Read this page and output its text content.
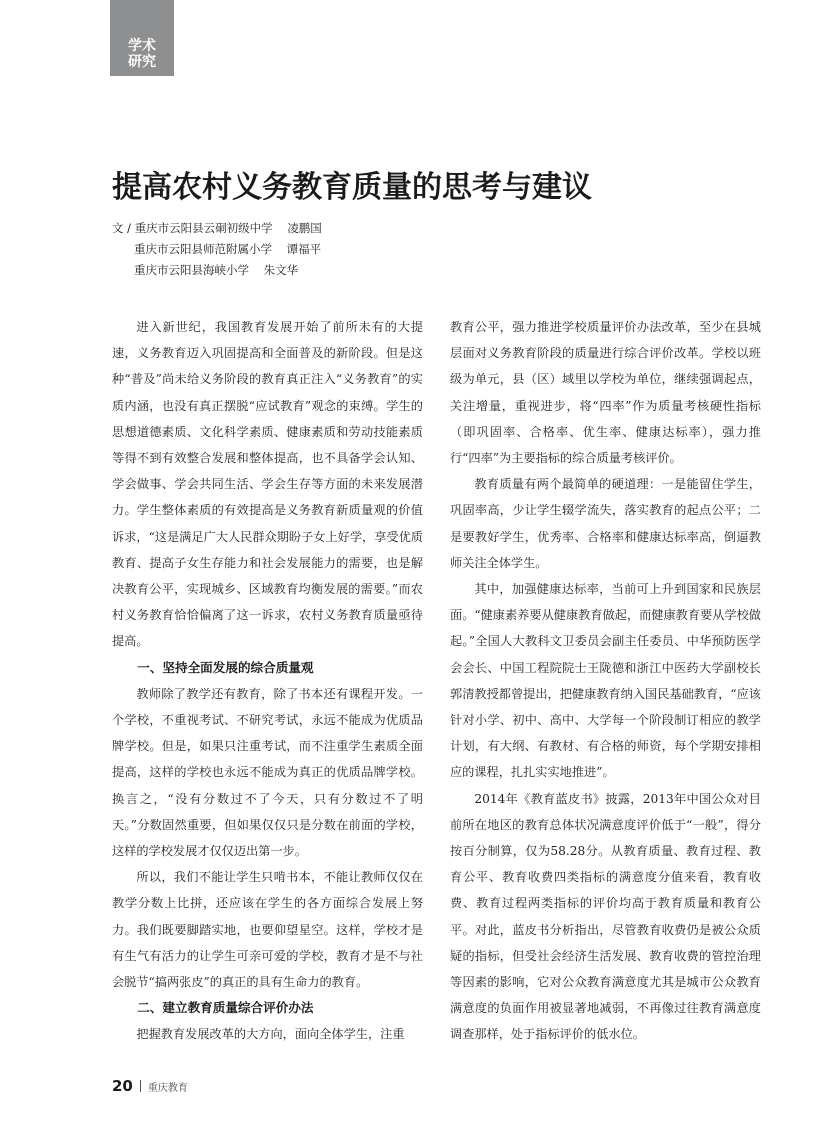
学术
研究
提高农村义务教育质量的思考与建议
文 / 重庆市云阳县云硐初级中学 凌鹏国
重庆市云阳县师范附属小学 谭福平
重庆市云阳县海峡小学 朱文华

进入新世纪，我国教育发展开始了前所未有的大提速，义务教育迈入巩固提高和全面普及的新阶段。但是这种“普及”尚未给义务阶段的教育真正注入“义务教育”的实质内涵，也没有真正摆脱“应试教育”观念的束缚。学生的思想道德素质、文化科学素质、健康素质和劳动技能素质等得不到有效整合发展和整体提高，也不具备学会认知、学会做事、学会共同生活、学会生存等方面的未来发展潜力。学生整体素质的有效提高是义务教育新质量观的价值诉求，“这是满足广大人民群众期盼子女上好学，享受优质教育、提高子女生存能力和社会发展能力的需要，也是解决教育公平，实现城乡、区域教育均衡发展的需要。”而农村义务教育恰恰偏离了这一诉求，农村义务教育质量亟待提高。

一、坚持全面发展的综合质量观

教师除了教学还有教育，除了书本还有课程开发。一个学校，不重视考试、不研究考试，永远不能成为优质品牌学校。但是，如果只注重考试，而不注重学生素质全面提高，这样的学校也永远不能成为真正的优质品牌学校。换言之，“没有分数过不了今天，只有分数过不了明天。”分数固然重要，但如果仅仅只是分数在前面的学校，这样的学校发展才仅仅迈出第一步。

所以，我们不能让学生只啃书本，不能让教师仅仅在教学分数上比拼，还应该在学生的各方面综合发展上努力。我们既要脚踏实地，也要仰望星空。这样，学校才是有生气有活力的让学生可亲可爱的学校，教育才是不与社会脱节“搞两张皮”的真正的具有生命力的教育。

二、建立教育质量综合评价办法

把握教育发展改革的大方向，面向全体学生，注重

教育公平，强力推进学校质量评价办法改革，至少在县城层面对义务教育阶段的质量进行综合评价改革。学校以班级为单元，县（区）域里以学校为单位，继续强调起点，关注增量，重视进步，将“四率”作为质量考核硬性指标（即巩固率、合格率、优生率、健康达标率），强力推行“四率”为主要指标的综合质量考核评价。

教育质量有两个最简单的硬道理：一是能留住学生，巩固率高，少让学生辍学流失，落实教育的起点公平；二是要教好学生，优秀率、合格率和健康达标率高，倒逼教师关注全体学生。

其中，加强健康达标率，当前可上升到国家和民族层面。“健康素养要从健康教育做起，而健康教育要从学校做起。”全国人大教科文卫委员会副主任委员、中华预防医学会会长、中国工程院院士王陇德和浙江中医药大学副校长郭清教授都曾提出，把健康教育纳入国民基础教育，“应该针对小学、初中、高中、大学每一个阶段制订相应的教学计划，有大纲、有教材、有合格的师资，每个学期安排相应的课程，扎扎实实地推进”。

2014年《教育蓝皮书》披露，2013年中国公众对目前所在地区的教育总体状况满意度评价低于“一般”，得分按百分制算，仅为58.28分。从教育质量、教育过程、教育公平、教育收费四类指标的满意度分值来看，教育收费、教育过程两类指标的评价均高于教育质量和教育公平。对此，蓝皮书分析指出，尽管教育收费仍是被公众质疑的指标，但受社会经济生活发展、教育收费的管控治理等因素的影响，它对公众教育满意度尤其是城市公众教育满意度的负面作用被显著地减弱，不再像过往教育满意度调查那样，处于指标评价的低水位。

20 重庆教育
